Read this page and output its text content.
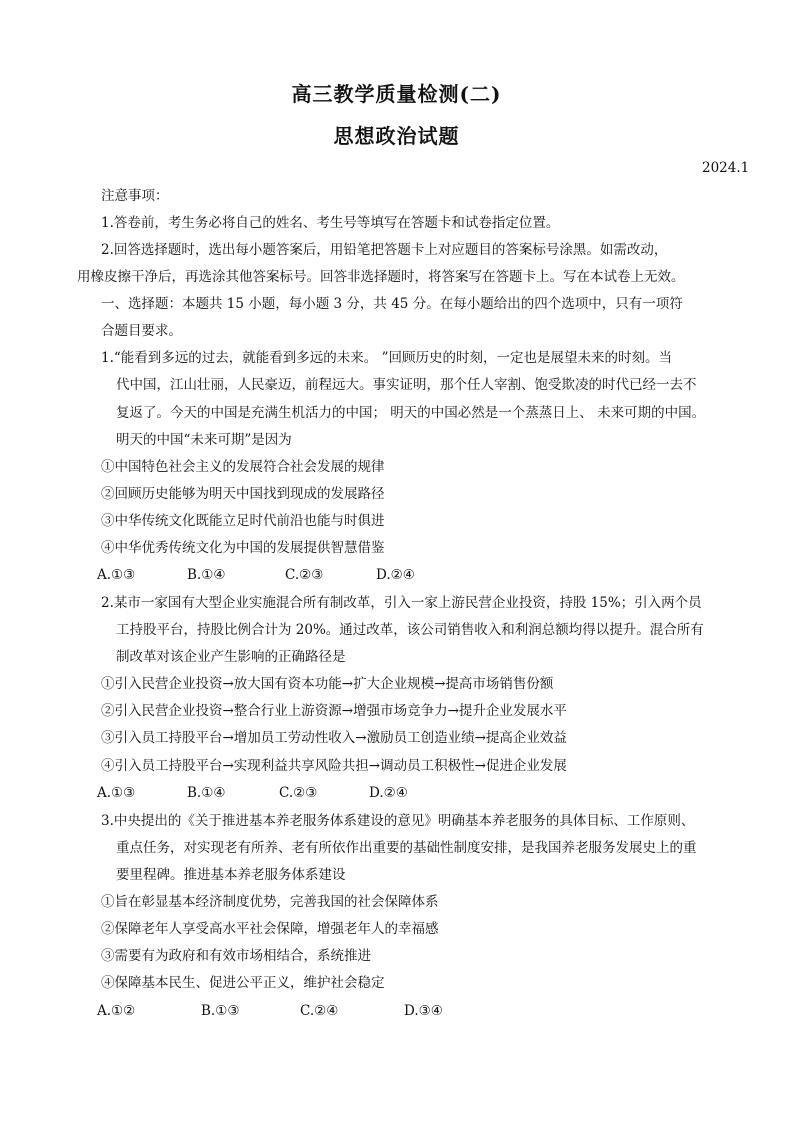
高三教学质量检测(二)
思想政治试题
2024.1
注意事项：
1.答卷前，考生务必将自己的姓名、考生号等填写在答题卡和试卷指定位置。
2.回答选择题时，选出每小题答案后，用铅笔把答题卡上对应题目的答案标号涂黑。如需改动，
用橡皮擦干净后，再选涂其他答案标号。回答非选择题时，将答案写在答题卡上。写在本试卷上无效。
一、选择题：本题共 15 小题，每小题 3 分，共 45 分。在每小题给出的四个选项中，只有一项符
合题目要求。
1.“能看到多远的过去，就能看到多远的未来。 ”回顾历史的时刻，一定也是展望未来的时刻。当
代中国，江山壮丽，人民豪迈，前程远大。事实证明，那个任人宰割、饱受欺凌的时代已经一去不
复返了。今天的中国是充满生机活力的中国； 明天的中国必然是一个蒸蒸日上、 未来可期的中国。
明天的中国“未来可期”是因为
①中国特色社会主义的发展符合社会发展的规律
②回顾历史能够为明天中国找到现成的发展路径
③中华传统文化既能立足时代前沿也能与时俱进
④中华优秀传统文化为中国的发展提供智慧借鉴
A.①③	B.①④	C.②③	D.②④
2.某市一家国有大型企业实施混合所有制改革，引入一家上游民营企业投资，持股 15%；引入两个员
工持股平台，持股比例合计为 20%。通过改革，该公司销售收入和利润总额均得以提升。混合所有
制改革对该企业产生影响的正确路径是
①引入民营企业投资→放大国有资本功能→扩大企业规模→提高市场销售份额
②引入民营企业投资→整合行业上游资源→增强市场竞争力→提升企业发展水平
③引入员工持股平台→增加员工劳动性收入→激励员工创造业绩→提高企业效益
④引入员工持股平台→实现利益共享风险共担→调动员工积极性→促进企业发展
A.①③	B.①④	C.②③	D.②④
3.中央提出的《关于推进基本养老服务体系建设的意见》明确基本养老服务的具体目标、工作原则、
重点任务，对实现老有所养、老有所依作出重要的基础性制度安排，是我国养老服务发展史上的重
要里程碑。推进基本养老服务体系建设
①旨在彰显基本经济制度优势，完善我国的社会保障体系
②保障老年人享受高水平社会保障，增强老年人的幸福感
③需要有为政府和有效市场相结合，系统推进
④保障基本民生、促进公平正义，维护社会稳定
A.①②	B.①③	C.②④	D.③④
